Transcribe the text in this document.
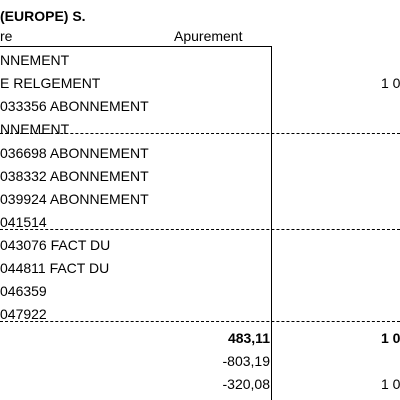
(EUROPE) S.
re	Apurement
NNEMENT
E RELGEMENT
033356 ABONNEMENT
NNEMENT
036698 ABONNEMENT
038332 ABONNEMENT
039924 ABONNEMENT
041514
043076 FACT DU
044811 FACT DU
046359
047922
483,11
-803,19
-320,08
1 0
1 0
1 0
